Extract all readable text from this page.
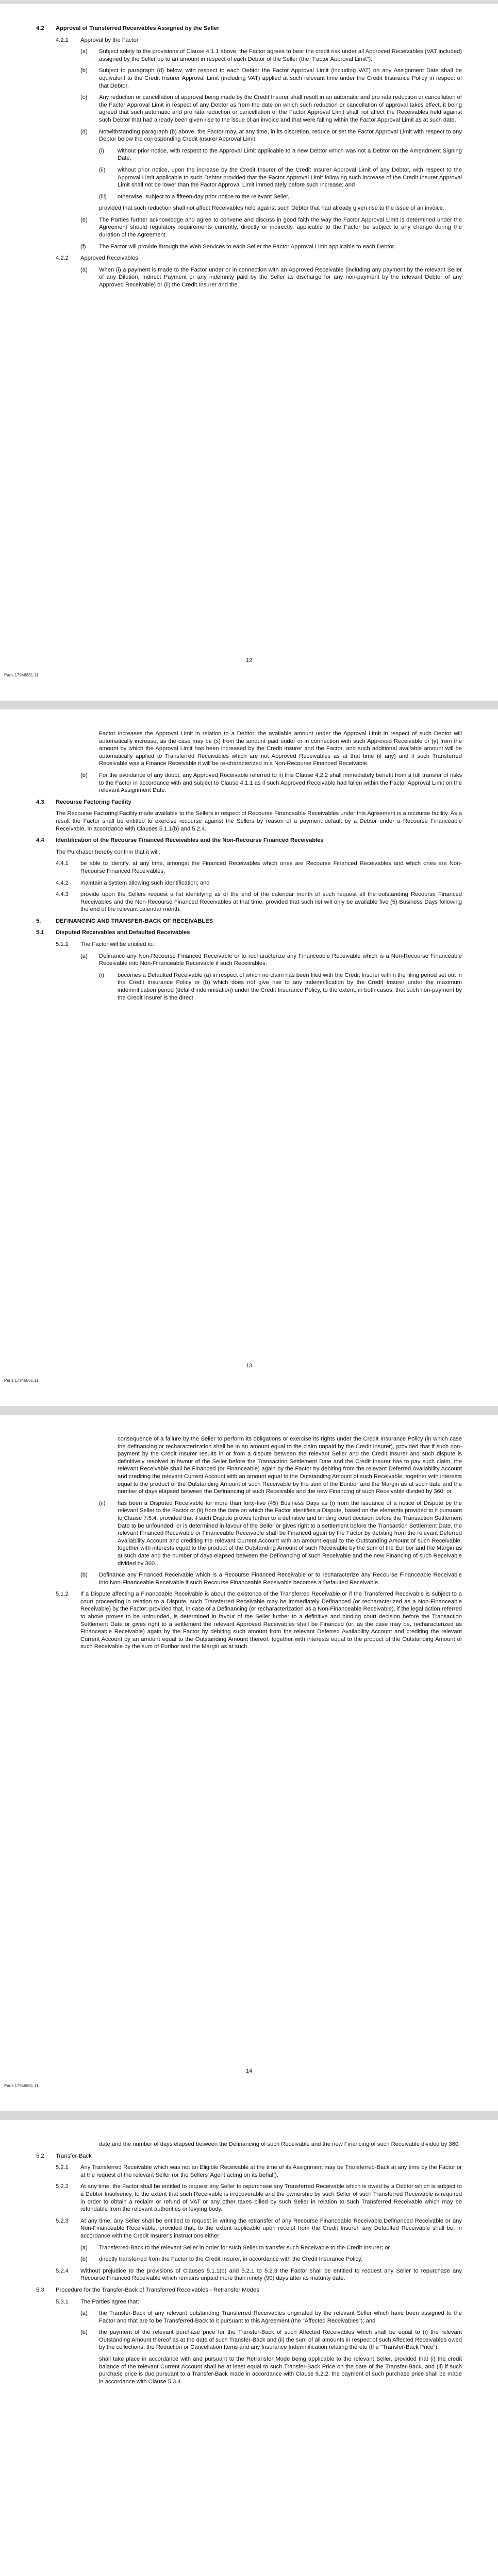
4.2	Approval of Transferred Receivables Assigned by the Seller
4.2.1	Approval by the Factor
(a)	Subject solely to the provisions of Clause 4.1.1 above, the Factor agrees to bear the credit risk under all Approved Receivables (VAT included) assigned by the Seller up to an amount in respect of each Debtor of the Seller (the "Factor Approval Limit").
(b)	Subject to paragraph (d) below, with respect to each Debtor the Factor Approval Limit (including VAT) on any Assignment Date shall be equivalent to the Credit Insurer Approval Limit (including VAT) applied at such relevant time under the Credit Insurance Policy in respect of that Debtor.
(c)	Any reduction or cancellation of approval being made by the Credit Insurer shall result in an automatic and pro rata reduction or cancellation of the Factor Approval Limit in respect of any Debtor as from the date on which such reduction or cancellation of approval takes effect, it being agreed that such automatic and pro rata reduction or cancellation of the Factor Approval Limit shall not affect the Receivables held against such Debtor that had already been given rise to the issue of an invoice and that were falling within the Factor Approval Limit as at such date.
(d)	Notwithstanding paragraph (b) above, the Factor may, at any time, in its discretion, reduce or set the Factor Approval Limit with respect to any Debtor below the corresponding Credit Insurer Approval Limit:
(i)	without prior notice, with respect to the Approval Limit applicable to a new Debtor which was not a Debtor on the Amendment Signing Date;
(ii)	without prior notice, upon the increase by the Credit Insurer of the Credit Insurer Approval Limit of any Debtor, with respect to the Approval Limit applicable to such Debtor provided that the Factor Approval Limit following such increase of the Credit Insurer Approval Limit shall not be lower than the Factor Approval Limit immediately before such increase; and
(iii)	otherwise, subject to a fifteen-day prior notice to the relevant Seller,
provided that such reduction shall not affect Receivables held against such Debtor that had already given rise to the issue of an invoice.
(e)	The Parties further acknowledge and agree to convene and discuss in good faith the way the Factor Approval Limit is determined under the Agreement should regulatory requirements currently, directly or indirectly, applicable to the Factor be subject to any change during the duration of the Agreement.
(f)	The Factor will provide through the Web Services to each Seller the Factor Approval Limit applicable to each Debtor.
4.2.2	Approved Receivables
(a)	When (i) a payment is made to the Factor under or in connection with an Approved Receivable (including any payment by the relevant Seller of any Dilution, Indirect Payment or any indemnity paid by the Seller as discharge for any non-payment by the relevant Debtor of any Approved Receivable) or (ii) the Credit Insurer and the
12
Paris 17946861.11
Factor increases the Approval Limit in relation to a Debtor, the available amount under the Approval Limit in respect of such Debtor will automatically increase, as the case may be (x) from the amount paid under or in connection with such Approved Receivable or (y) from the amount by which the Approval Limit has been increased by the Credit Insurer and the Factor, and such additional available amount will be automatically applied to Transferred Receivables which are not Approved Receivables as at that time (if any) and if such Transferred Receivable was a Finance Receivable it will be re-characterized in a Non-Recourse Financed Receivable.
(b)	For the avoidance of any doubt, any Approved Receivable referred to in this Clause 4.2.2 shall immediately benefit from a full transfer of risks to the Factor in accordance with and subject to Clause 4.1.1 as if such Approved Receivable had fallen within the Factor Approval Limit on the relevant Assignment Date.
4.3	Recourse Factoring Facility
The Recourse Factoring Facility made available to the Sellers in respect of Recourse Financeable Receivables under this Agreement is a recourse facility. As a result the Factor shall be entitled to exercise recourse against the Sellers by reason of a payment default by a Debtor under a Recourse Financeable Receivable, in accordance with Clauses 5.1.1(b) and 5.2.4.
4.4	Identification of the Recourse Financed Receivables and the Non-Recourse Financed Receivables
The Purchaser hereby confirm that it will:
4.4.1	be able to identify, at any time, amongst the Financed Receivables which ones are Recourse Financed Receivables and which ones are Non-Recourse Financed Receivables;
4.4.2	maintain a system allowing such identification; and
4.4.3	provide upon the Sellers request a list identifying as of the end of the calendar month of such request all the outstanding Recourse Financed Receivables and the Non-Recourse Financed Receivables at that time, provided that such list will only be available five (5) Business Days following the end of the relevant calendar month.
5.	DEFINANCING AND TRANSFER-BACK OF RECEIVABLES
5.1	Disputed Receivables and Defaulted Receivables
5.1.1	The Factor will be entitled to:
(a)	Definance any Non-Recourse Financed Receivable or to recharacterize any Financeable Receivable which is a Non-Recourse Financeable Receivable into Non-Financeable Receivable if such Receivables:
(i)	becomes a Defaulted Receivable (a) in respect of which no claim has been filed with the Credit Insurer within the filing period set out in the Credit Insurance Policy or (b) which does not give rise to any indemnification by the Credit Insurer under the maximum indemnification period (délai d'indemnisation) under the Credit Insurance Policy, to the extent, in both cases, that such non-payment by the Credit Insurer is the direct
13
Paris 17946861.11
consequence of a failure by the Seller to perform its obligations or exercise its rights under the Credit Insurance Policy (in which case the definancing or recharacterization shall be in an amount equal to the claim unpaid by the Credit Insurer), provided that if such non-payment by the Credit Insurer results in or from a dispute between the relevant Seller and the Credit Insurer and such dispute is definitively resolved in favour of the Seller before the Transaction Settlement Date and the Credit Insurer has to pay such claim, the relevant Receivable shall be Financed (or Financeable) again by the Factor by debiting from the relevant Deferred Availability Account and crediting the relevant Current Account with an amount equal to the Outstanding Amount of such Receivable, together with interests equal to the product of the Outstanding Amount of such Receivable by the sum of the Euribor and the Margin as at such date and the number of days elapsed between the Definancing of such Receivable and the new Financing of such Receivable divided by 360; or
(ii)	has been a Disputed Receivable for more than forty-five (45) Business Days as (i) from the issuance of a notice of Dispute by the relevant Seller to the Factor or (ii) from the date on which the Factor identifies a Dispute, based on the elements provided to it pursuant to Clause 7.5.4, provided that if such Dispute proves further to a definitive and binding court decision before the Transaction Settlement Date to be unfounded, or is determined in favour of the Seller or gives right to a settlement before the Transaction Settlement Date, the relevant Financed Receivable or Financeable Receivable shall be Financed again by the Factor by debiting from the relevant Deferred Availability Account and crediting the relevant Current Account with an amount equal to the Outstanding Amount of such Receivable, together with interests equal to the product of the Outstanding Amount of such Receivable by the sum of the Euribor and the Margin as at such date and the number of days elapsed between the Definancing of such Receivable and the new Financing of such Receivable divided by 360.
(b)	Definance any Financed Receivable which is a Recourse Financed Receivable or to recharacterize any Recourse Financeable Receivable into Non-Financeable Receivable if such Recourse Financeable Receivable becomes a Defaulted Receivable.
5.1.2	If a Dispute affecting a Financeable Receivable is about the existence of the Transferred Receivable or if the Transferred Receivable is subject to a court proceeding in relation to a Dispute, such Transferred Receivable may be immediately Definanced (or recharacterized as a Non-Financeable Receivable) by the Factor; provided that, in case of a Definancing (or recharacterization as a Non-Financeable Receivable), if the legal action referred to above proves to be unfounded, is determined in favour of the Seller further to a definitive and binding court decision before the Transaction Settlement Date or gives right to a settlement the relevant Approved Receivables shall be Financed (or, as the case may be, recharacterized as Financeable Receivable) again by the Factor by debiting such amount from the relevant Deferred Availability Account and crediting the relevant Current Account by an amount equal to the Outstanding Amount thereof, together with interests equal to the product of the Outstanding Amount of such Receivable by the sum of Euribor and the Margin as at such
14
Paris 17946861.11
date and the number of days elapsed between the Definancing of such Receivable and the new Financing of such Receivable divided by 360.
5.2	Transfer-Back
5.2.1	Any Transferred Receivable which was not an Eligible Receivable at the time of its Assignment may be Transferred-Back at any time by the Factor or at the request of the relevant Seller (or the Sellers' Agent acting on its behalf).
5.2.2	At any time, the Factor shall be entitled to request any Seller to repurchase any Transferred Receivable which is owed by a Debtor which is subject to a Debtor Insolvency, to the extent that such Receivable is irrecoverable and the ownership by such Seller of such Transferred Receivable is required in order to obtain a reclaim or refund of VAT or any other taxes billed by such Seller in relation to such Transferred Receivable which may be refundable from the relevant authorities or levying body.
5.2.3	At any time, any Seller shall be entitled to request in writing the retransfer of any Recourse Financeable Receivable,Definanced Receivable or any Non-Financeable Receivable, provided that, to the extent applicable upon receipt from the Credit Insurer, any Defaulted Receivable shall be, in accordance with the Credit Insurer's instructions either:
(a)	Transferred-Back to the relevant Seller in order for such Seller to transfer such Receivable to the Credit Insurer; or
(b)	directly transferred from the Factor to the Credit Insurer, in accordance with the Credit Insurance Policy.
5.2.4	Without prejudice to the provisions of Clauses 5.1.1(b) and 5.2.1 to 5.2.3 the Factor shall be entitled to request any Seller to repurchase any Recourse Financed Receivable which remains unpaid more than ninety (90) days after its maturity date.
5.3	Procedure for the Transfer-Back of Transferred Receivables - Retransfer Modes
5.3.1	The Parties agree that:
(a)	the Transfer-Back of any relevant outstanding Transferred Receivables originated by the relevant Seller which have been assigned to the Factor and that are to be Transferred-Back to it pursuant to this Agreement (the "Affected Receivables"); and
(b)	the payment of the relevant purchase price for the Transfer-Back of such Affected Receivables which shall be equal to (i) the relevant Outstanding Amount thereof as at the date of such Transfer-Back and (ii) the sum of all amounts in respect of such Affected Receivables owed by the collections, the Reduction or Cancellation Items and any Insurance Indemnification relating thereto (the "Transfer-Back Price"),
shall take place in accordance with and pursuant to the Retransfer Mode being applicable to the relevant Seller, provided that (i) the credit balance of the relevant Current Account shall be at least equal to such Transfer-Back Price on the date of the Transfer-Back, and (ii) if such purchase price is due pursuant to a Transfer-Back made in accordance with Clause 5.2.2, the payment of such purchase price shall be made in accordance with Clause 5.3.4.
